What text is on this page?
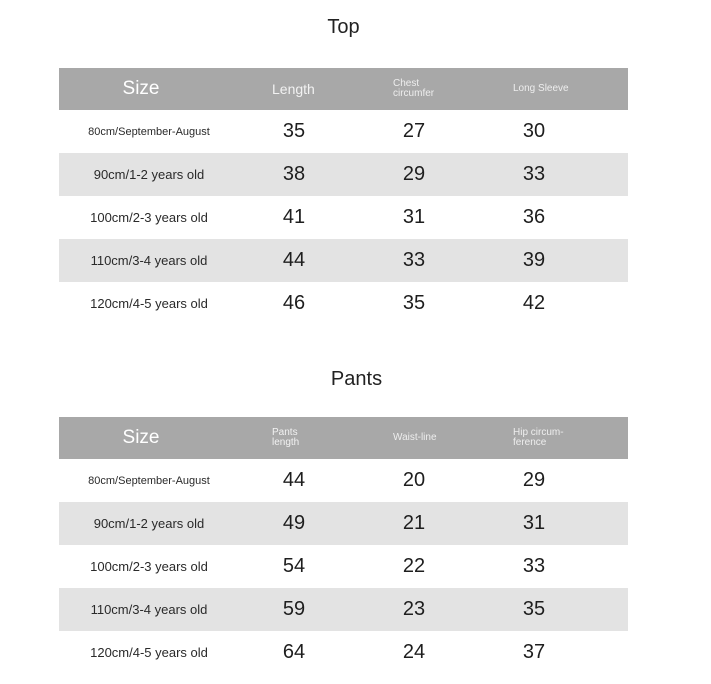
Top
Size	Length	Chest circumfer	Long Sleeve
80cm/September-August	35	27	30
90cm/1-2 years old	38	29	33
100cm/2-3 years old	41	31	36
110cm/3-4 years old	44	33	39
120cm/4-5 years old	46	35	42
Pants
Size	Pants length	Waist-line	Hip circum-ference
80cm/September-August	44	20	29
90cm/1-2 years old	49	21	31
100cm/2-3 years old	54	22	33
110cm/3-4 years old	59	23	35
120cm/4-5 years old	64	24	37
